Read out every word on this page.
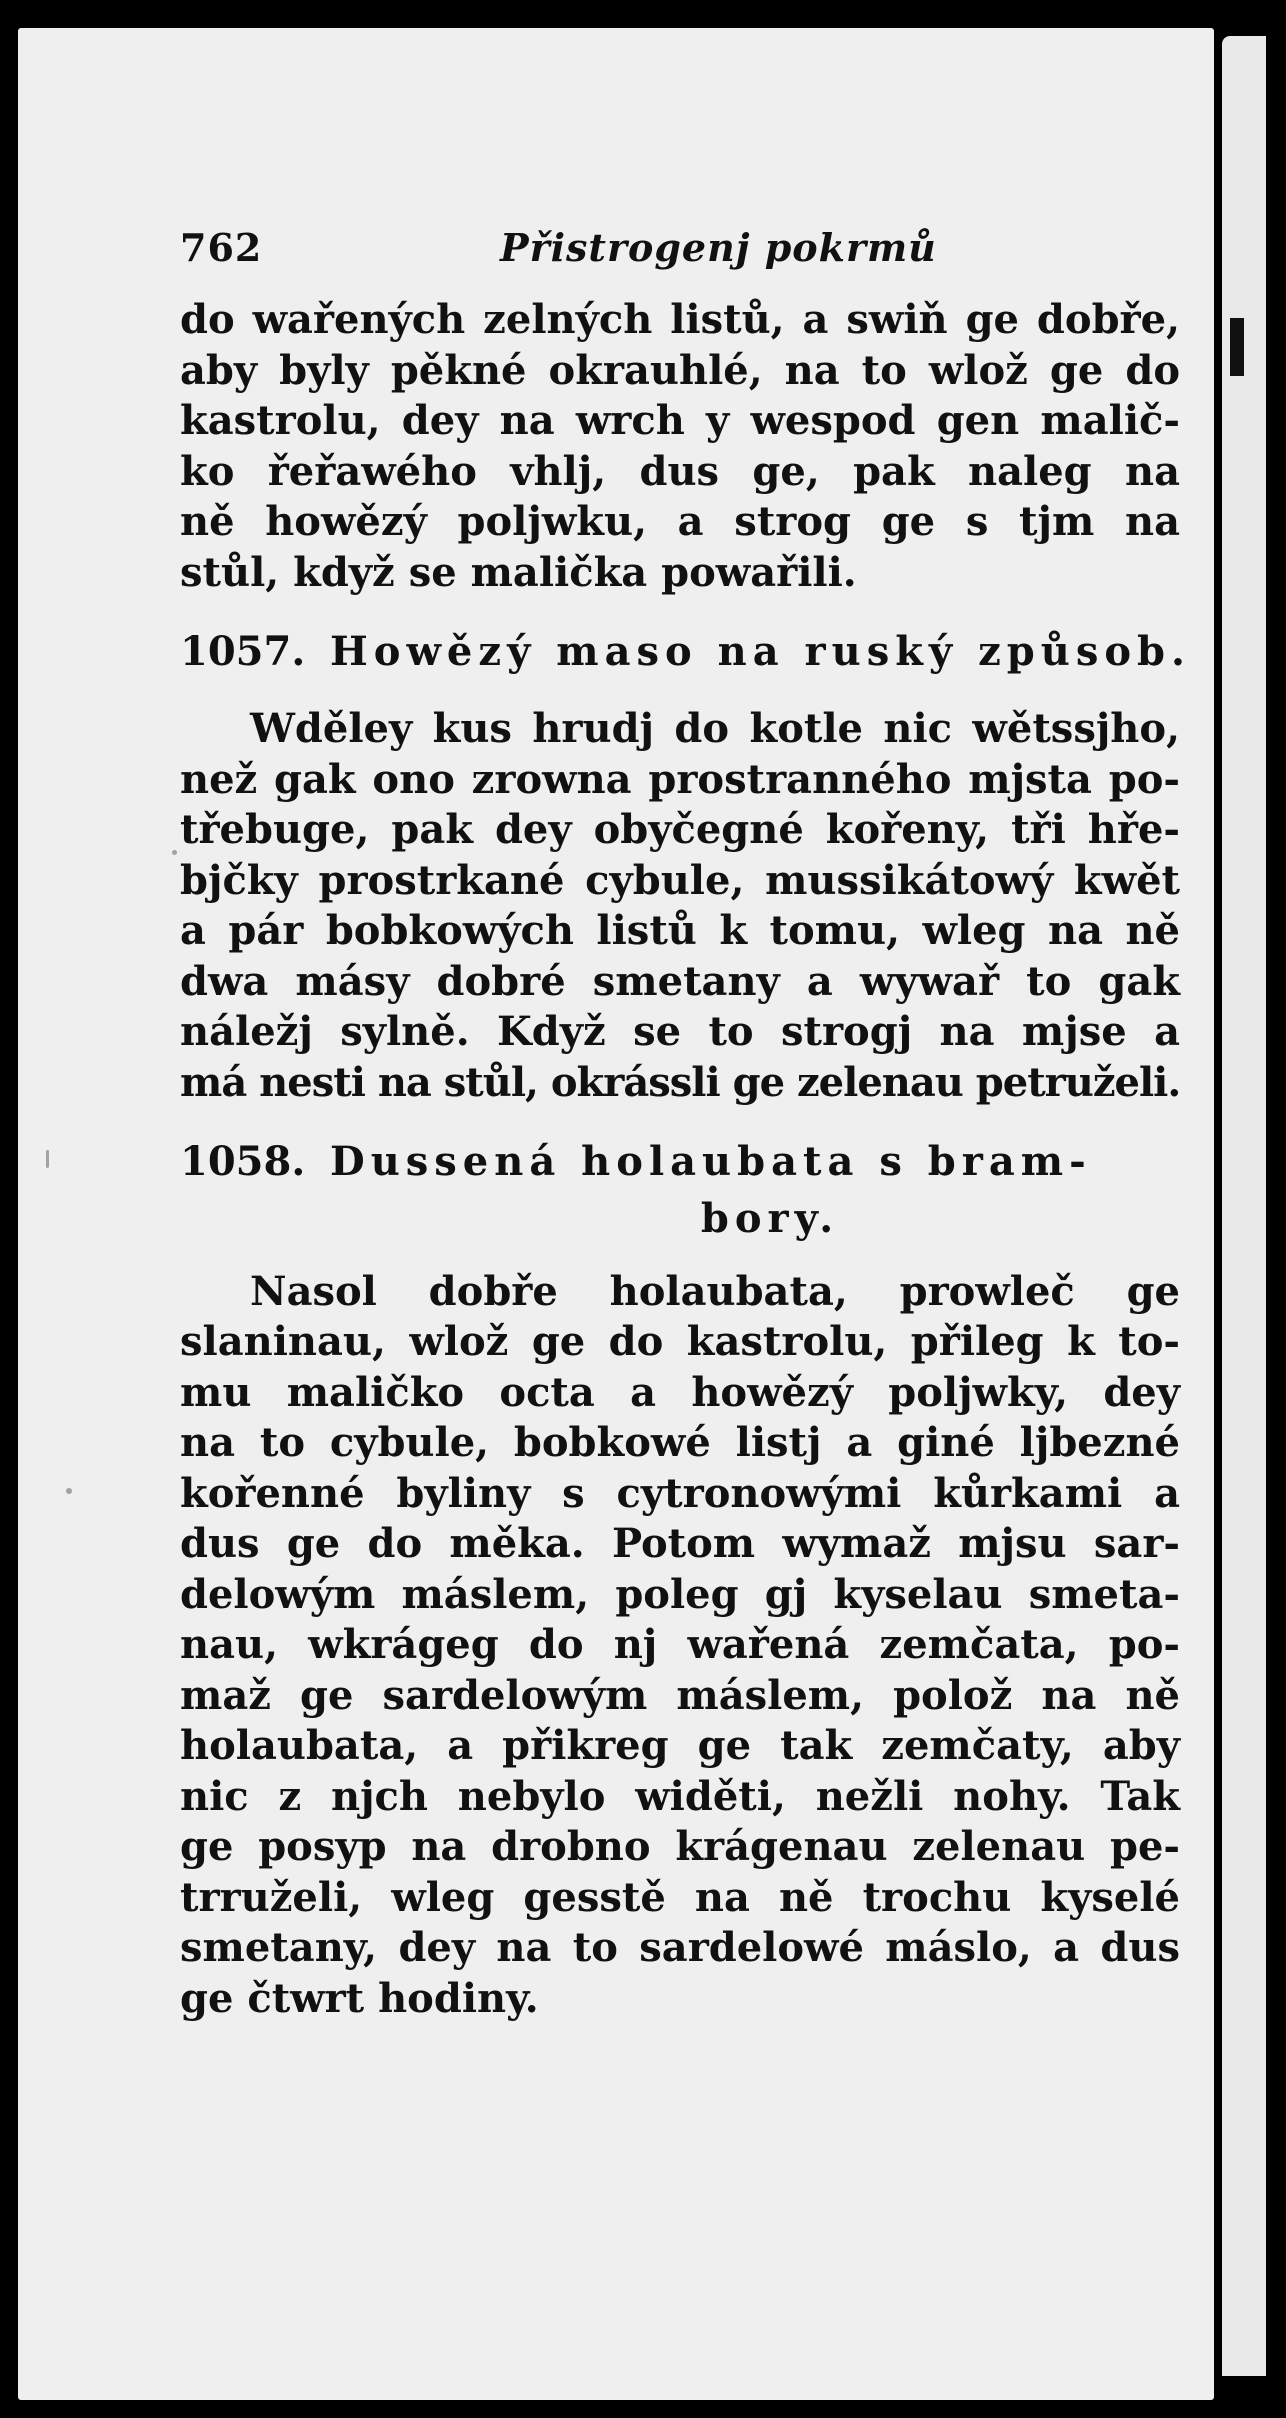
762	Přistrogenj pokrmů

do wařených zelných listů, a swiň ge dobře,
aby byly pěkné okrauhlé, na to wlož ge do
kastrolu, dey na wrch y wespod gen malič-
ko řeřawého vhlj, dus ge, pak naleg na
ně howězý poljwku, a strog ge s tjm na
stůl, když se malička powařili.

1057. Howězý maso na ruský způsob.

Wděley kus hrudj do kotle nic wětssjho,
než gak ono zrowna prostranného mjsta po-
třebuge, pak dey obyčegné kořeny, tři hře-
bjčky prostrkané cybule, mussikátowý kwět
a pár bobkowých listů k tomu, wleg na ně
dwa másy dobré smetany a wywař to gak
náležj sylně. Když se to strogj na mjse a
má nesti na stůl, okrássli ge zelenau petruželi.

1058. Dussená holaubata s bram-
bory.

Nasol dobře holaubata, prowleč ge
slaninau, wlož ge do kastrolu, přileg k to-
mu maličko octa a howězý poljwky, dey
na to cybule, bobkowé listj a giné ljbezné
kořenné byliny s cytronowými kůrkami a
dus ge do měka. Potom wymaž mjsu sar-
delowým máslem, poleg gj kyselau smeta-
nau, wkrágeg do nj wařená zemčata, po-
maž ge sardelowým máslem, polož na ně
holaubata, a přikreg ge tak zemčaty, aby
nic z njch nebylo widěti, nežli nohy. Tak
ge posyp na drobno krágenau zelenau pe-
trruželi, wleg gesstě na ně trochu kyselé
smetany, dey na to sardelowé máslo, a dus
ge čtwrt hodiny.
